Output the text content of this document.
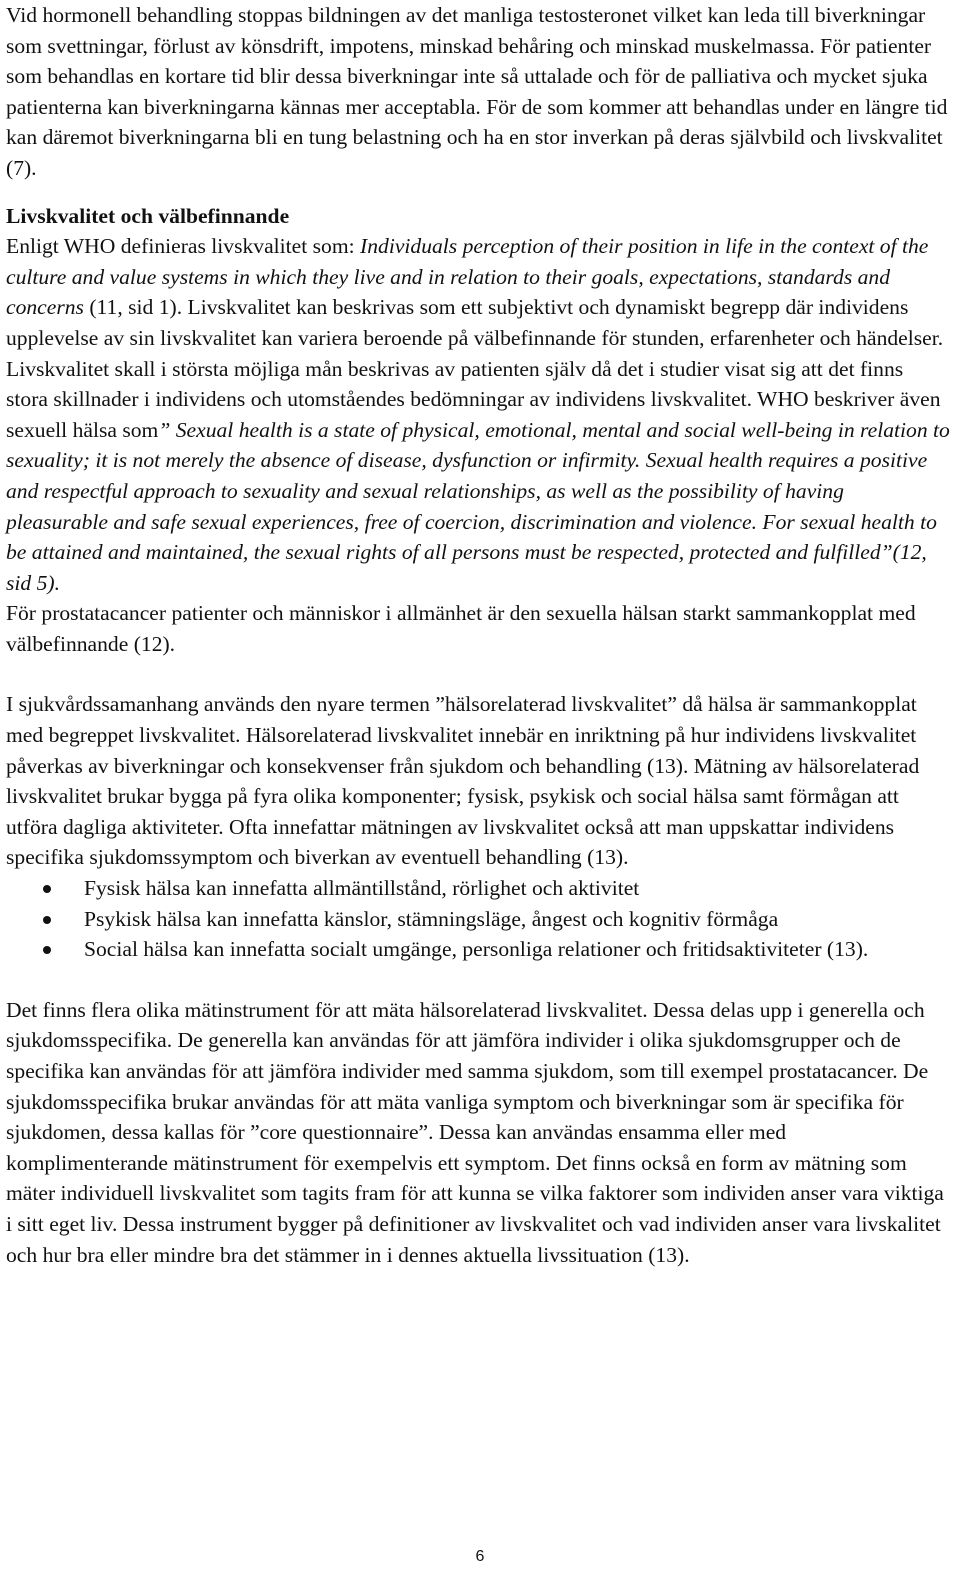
Vid hormonell behandling stoppas bildningen av det manliga testosteronet vilket kan leda till biverkningar som svettningar, förlust av könsdrift, impotens, minskad behåring och minskad muskelmassa. För patienter som behandlas en kortare tid blir dessa biverkningar inte så uttalade och för de palliativa och mycket sjuka patienterna kan biverkningarna kännas mer acceptabla. För de som kommer att behandlas under en längre tid kan däremot biverkningarna bli en tung belastning och ha en stor inverkan på deras självbild och livskvalitet (7).

Livskvalitet och välbefinnande

Enligt WHO definieras livskvalitet som: Individuals perception of their position in life in the context of the culture and value systems in which they live and in relation to their goals, expectations, standards and concerns (11, sid 1). Livskvalitet kan beskrivas som ett subjektivt och dynamiskt begrepp där individens upplevelse av sin livskvalitet kan variera beroende på välbefinnande för stunden, erfarenheter och händelser. Livskvalitet skall i största möjliga mån beskrivas av patienten själv då det i studier visat sig att det finns stora skillnader i individens och utomståendes bedömningar av individens livskvalitet. WHO beskriver även sexuell hälsa som” Sexual health is a state of physical, emotional, mental and social well-being in relation to sexuality; it is not merely the absence of disease, dysfunction or infirmity. Sexual health requires a positive and respectful approach to sexuality and sexual relationships, as well as the possibility of having pleasurable and safe sexual experiences, free of coercion, discrimination and violence. For sexual health to be attained and maintained, the sexual rights of all persons must be respected, protected and fulfilled”(12, sid 5).

För prostatacancer patienter och människor i allmänhet är den sexuella hälsan starkt sammankopplat med välbefinnande (12).

I sjukvårdssamanhang används den nyare termen ”hälsorelaterad livskvalitet” då hälsa är sammankopplat med begreppet livskvalitet. Hälsorelaterad livskvalitet innebär en inriktning på hur individens livskvalitet påverkas av biverkningar och konsekvenser från sjukdom och behandling (13). Mätning av hälsorelaterad livskvalitet brukar bygga på fyra olika komponenter; fysisk, psykisk och social hälsa samt förmågan att utföra dagliga aktiviteter. Ofta innefattar mätningen av livskvalitet också att man uppskattar individens specifika sjukdomssymptom och biverkan av eventuell behandling (13).

Fysisk hälsa kan innefatta allmäntillstånd, rörlighet och aktivitet
Psykisk hälsa kan innefatta känslor, stämningsläge, ångest och kognitiv förmåga
Social hälsa kan innefatta socialt umgänge, personliga relationer och fritidsaktiviteter (13).

Det finns flera olika mätinstrument för att mäta hälsorelaterad livskvalitet. Dessa delas upp i generella och sjukdomsspecifika. De generella kan användas för att jämföra individer i olika sjukdomsgrupper och de specifika kan användas för att jämföra individer med samma sjukdom, som till exempel prostatacancer. De sjukdomsspecifika brukar användas för att mäta vanliga symptom och biverkningar som är specifika för sjukdomen, dessa kallas för ”core questionnaire”. Dessa kan användas ensamma eller med komplimenterande mätinstrument för exempelvis ett symptom. Det finns också en form av mätning som mäter individuell livskvalitet som tagits fram för att kunna se vilka faktorer som individen anser vara viktiga i sitt eget liv. Dessa instrument bygger på definitioner av livskvalitet och vad individen anser vara livskalitet och hur bra eller mindre bra det stämmer in i dennes aktuella livssituation (13).

6
